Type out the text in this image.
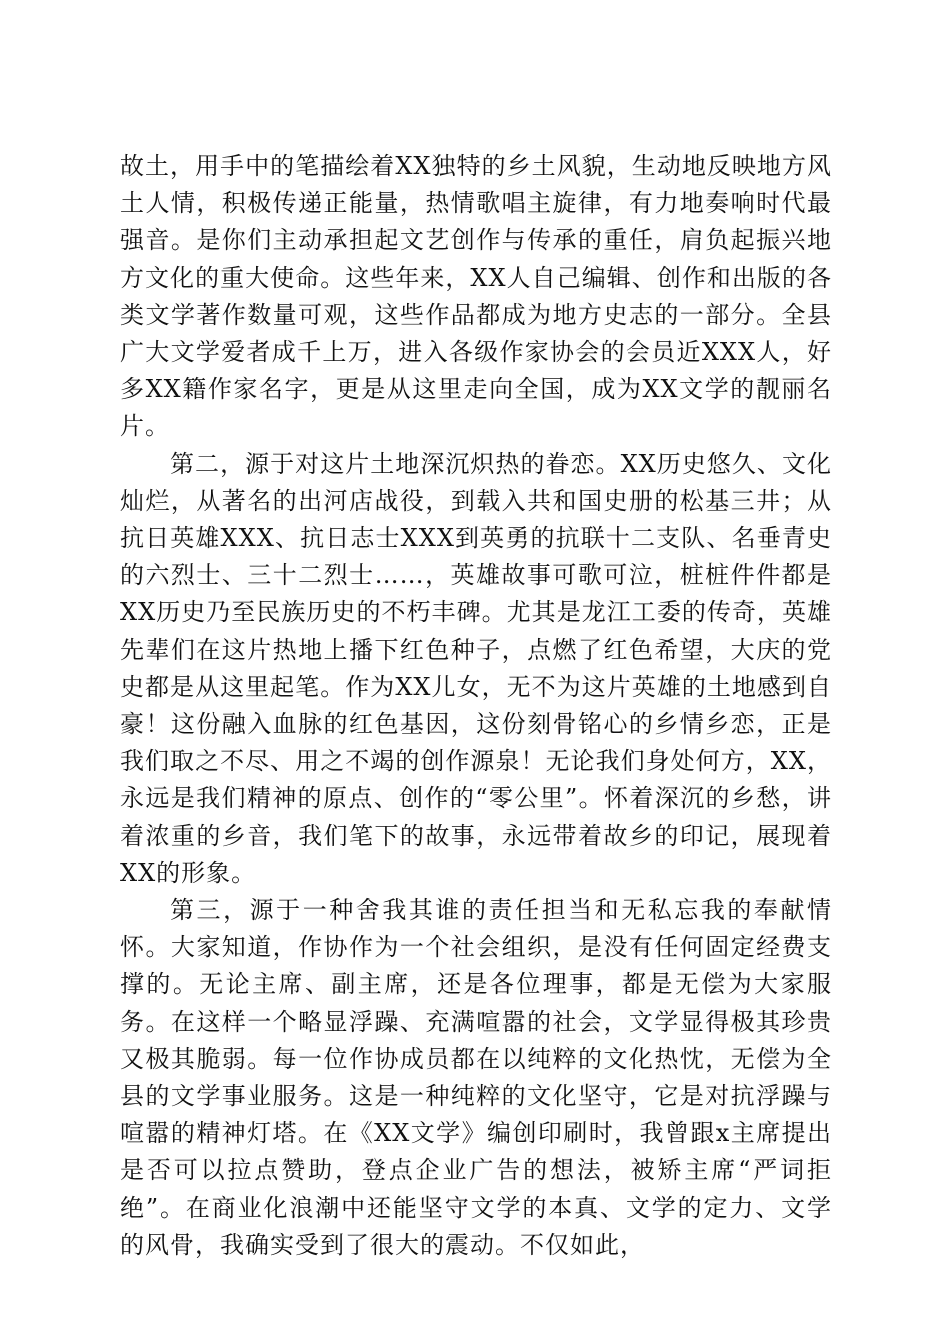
故土，用手中的笔描绘着XX独特的乡土风貌，生动地反映地方风土人情，积极传递正能量，热情歌唱主旋律，有力地奏响时代最强音。是你们主动承担起文艺创作与传承的重任，肩负起振兴地方文化的重大使命。这些年来，XX人自己编辑、创作和出版的各类文学著作数量可观，这些作品都成为地方史志的一部分。全县广大文学爱者成千上万，进入各级作家协会的会员近XXX人，好多XX籍作家名字，更是从这里走向全国，成为XX文学的靓丽名片。

第二，源于对这片土地深沉炽热的眷恋。XX历史悠久、文化灿烂，从著名的出河店战役，到载入共和国史册的松基三井；从抗日英雄XXX、抗日志士XXX到英勇的抗联十二支队、名垂青史的六烈士、三十二烈士……，英雄故事可歌可泣，桩桩件件都是XX历史乃至民族历史的不朽丰碑。尤其是龙江工委的传奇，英雄先辈们在这片热地上播下红色种子，点燃了红色希望，大庆的党史都是从这里起笔。作为XX儿女，无不为这片英雄的土地感到自豪！这份融入血脉的红色基因，这份刻骨铭心的乡情乡恋，正是我们取之不尽、用之不竭的创作源泉！无论我们身处何方，XX，永远是我们精神的原点、创作的“零公里”。怀着深沉的乡愁，讲着浓重的乡音，我们笔下的故事，永远带着故乡的印记，展现着XX的形象。

第三，源于一种舍我其谁的责任担当和无私忘我的奉献情怀。大家知道，作协作为一个社会组织，是没有任何固定经费支撑的。无论主席、副主席，还是各位理事，都是无偿为大家服务。在这样一个略显浮躁、充满喧嚣的社会，文学显得极其珍贵又极其脆弱。每一位作协成员都在以纯粹的文化热忱，无偿为全县的文学事业服务。这是一种纯粹的文化坚守，它是对抗浮躁与喧嚣的精神灯塔。在《XX文学》编创印刷时，我曾跟x主席提出是否可以拉点赞助，登点企业广告的想法，被矫主席“严词拒绝”。在商业化浪潮中还能坚守文学的本真、文学的定力、文学的风骨，我确实受到了很大的震动。不仅如此，
